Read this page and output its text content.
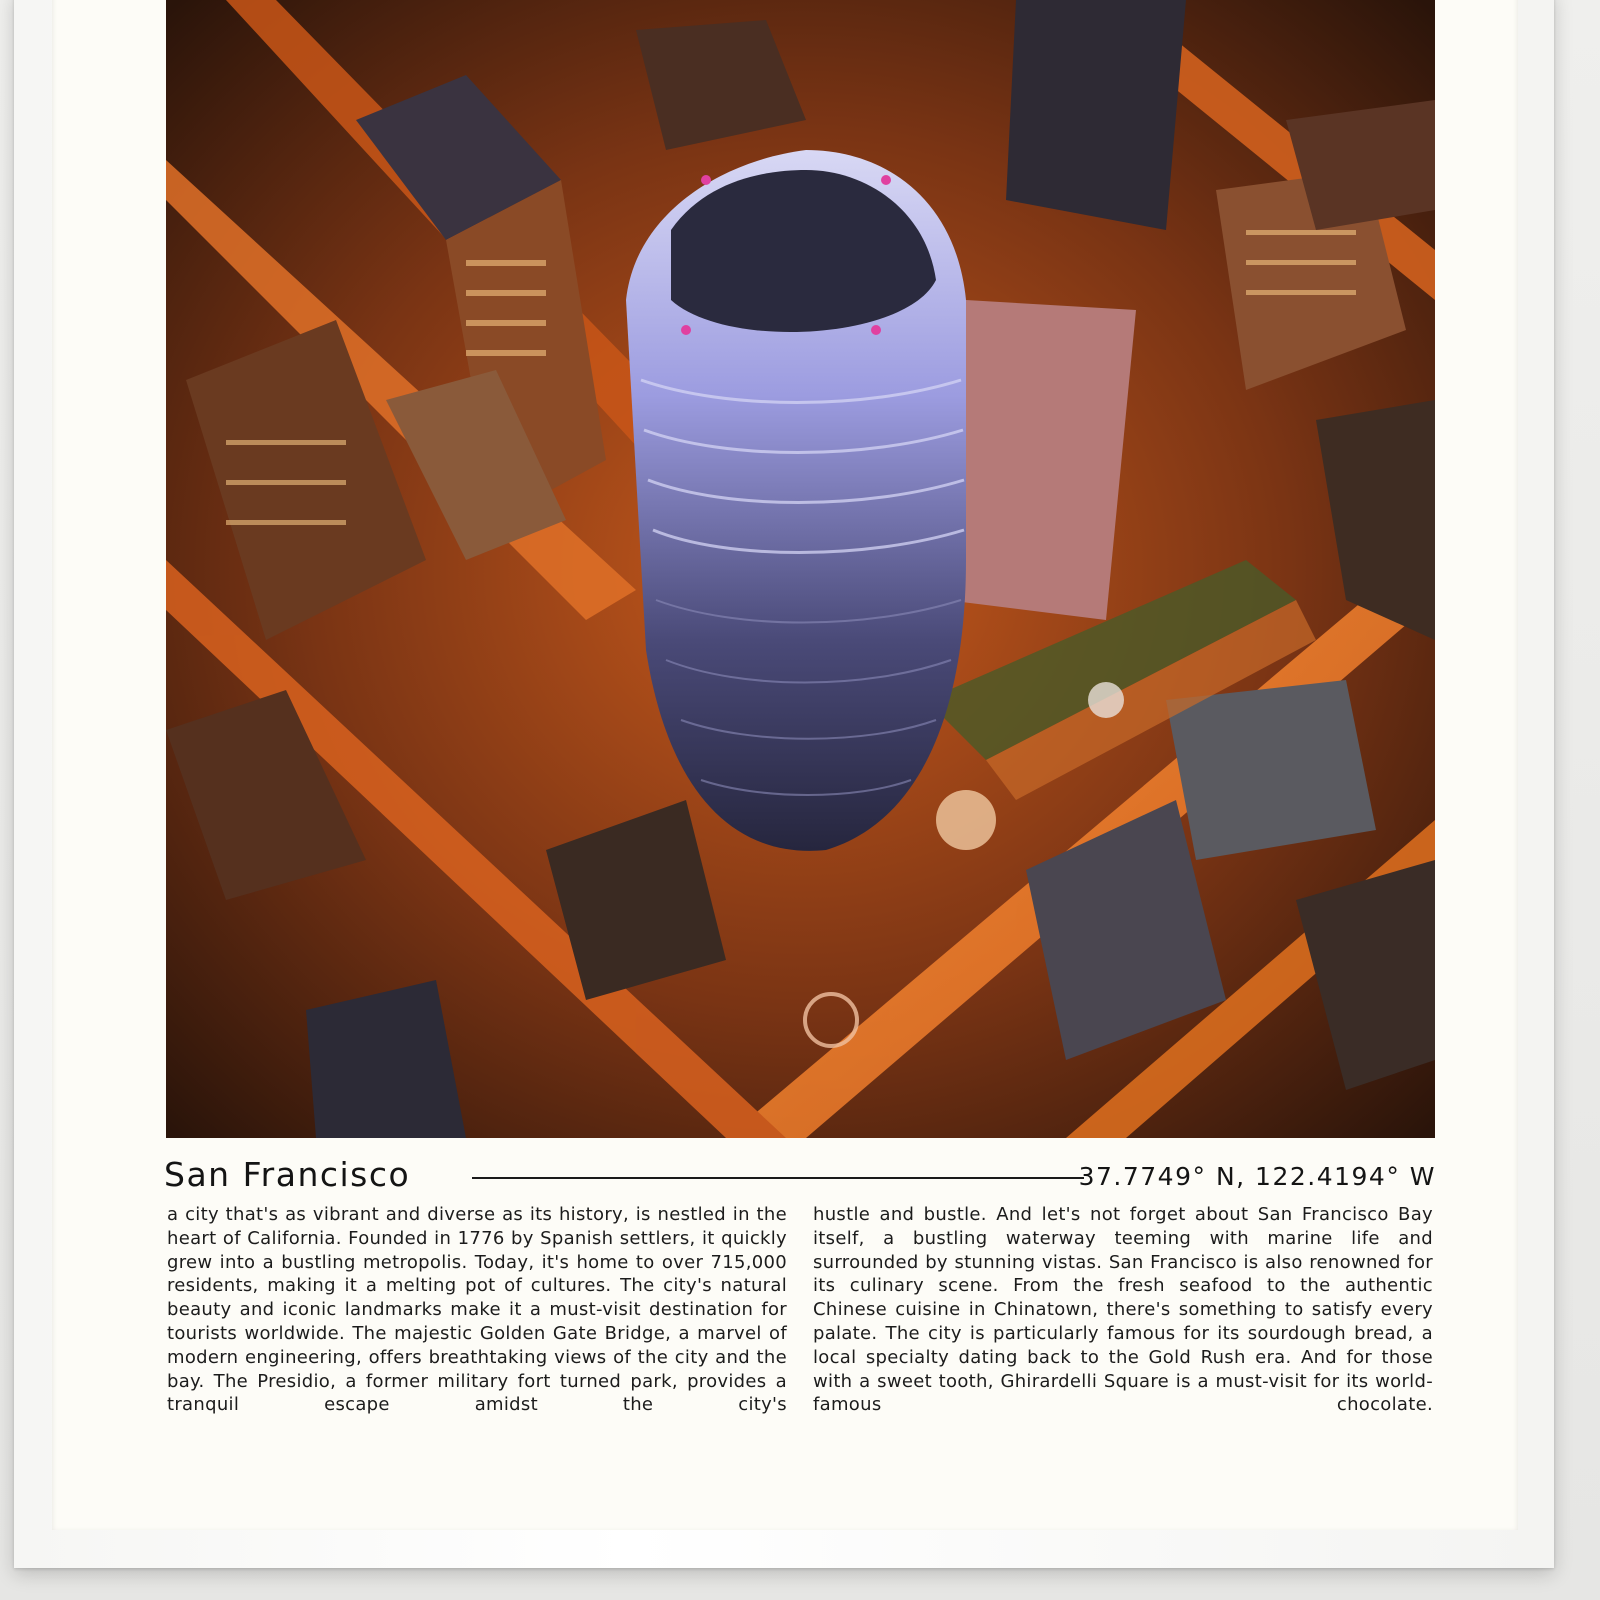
San Francisco	37.7749° N, 122.4194° W

a city that's as vibrant and diverse as its history, is nestled in the heart of California. Founded in 1776 by Spanish settlers, it quickly grew into a bustling metropolis. Today, it's home to over 715,000 residents, making it a melting pot of cultures. The city's natural beauty and iconic landmarks make it a must-visit destination for tourists worldwide. The majestic Golden Gate Bridge, a marvel of modern engineering, offers breathtaking views of the city and the bay. The Presidio, a former military fort turned park, provides a tranquil escape amidst the city's

hustle and bustle. And let's not forget about San Francisco Bay itself, a bustling waterway teeming with marine life and surrounded by stunning vistas. San Francisco is also renowned for its culinary scene. From the fresh seafood to the authentic Chinese cuisine in Chinatown, there's something to satisfy every palate. The city is particularly famous for its sourdough bread, a local specialty dating back to the Gold Rush era. And for those with a sweet tooth, Ghirardelli Square is a must-visit for its world-famous chocolate.
